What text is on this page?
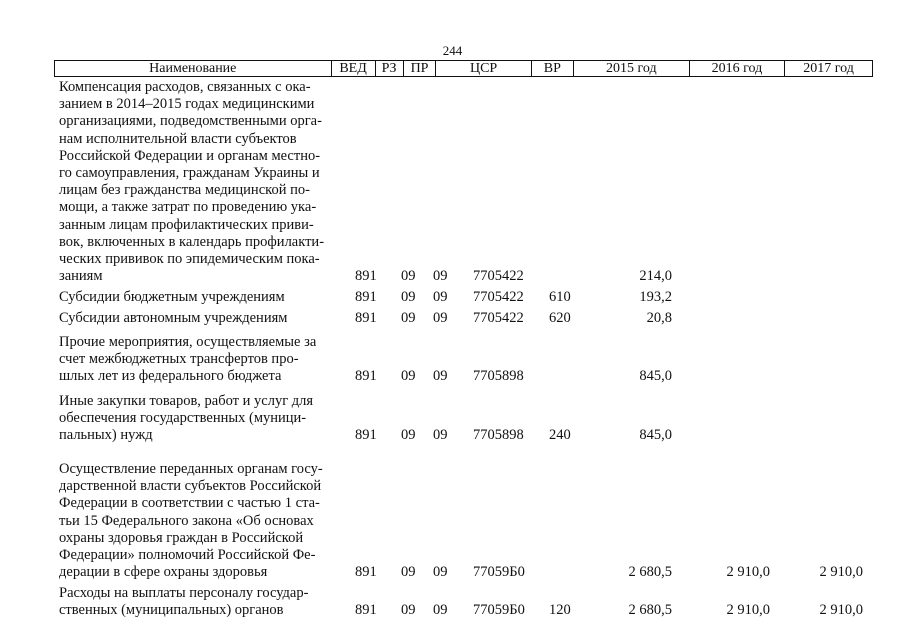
244
Наименование	ВЕД	РЗ ПР	ЦСР	ВР	2015 год	2016 год	2017 год
Компенсация расходов, связанных с ока-
занием в 2014–2015 годах медицинскими
организациями, подведомственными орга-
нам исполнительной власти субъектов
Российской Федерации и органам местно-
го самоуправления, гражданам Украины и
лицам без гражданства медицинской по-
мощи, а также затрат по проведению ука-
занным лицам профилактических приви-
вок, включенных в календарь профилакти-
ческих прививок по эпидемическим пока-
заниям	891 09 09 7705422	214,0
Субсидии бюджетным учреждениям	891 09 09 7705422 610	193,2
Субсидии автономным учреждениям	891 09 09 7705422 620	20,8
Прочие мероприятия, осуществляемые за
счет межбюджетных трансфертов про-
шлых лет из федерального бюджета	891 09 09 7705898	845,0
Иные закупки товаров, работ и услуг для
обеспечения государственных (муници-
пальных) нужд	891 09 09 7705898 240	845,0
Осуществление переданных органам госу-
дарственной власти субъектов Российской
Федерации в соответствии с частью 1 ста-
тьи 15 Федерального закона «Об основах
охраны здоровья граждан в Российской
Федерации» полномочий Российской Фе-
дерации в сфере охраны здоровья	891 09 09 77059Б0	2 680,5	2 910,0	2 910,0
Расходы на выплаты персоналу государ-
ственных (муниципальных) органов	891 09 09 77059Б0 120	2 680,5	2 910,0	2 910,0
